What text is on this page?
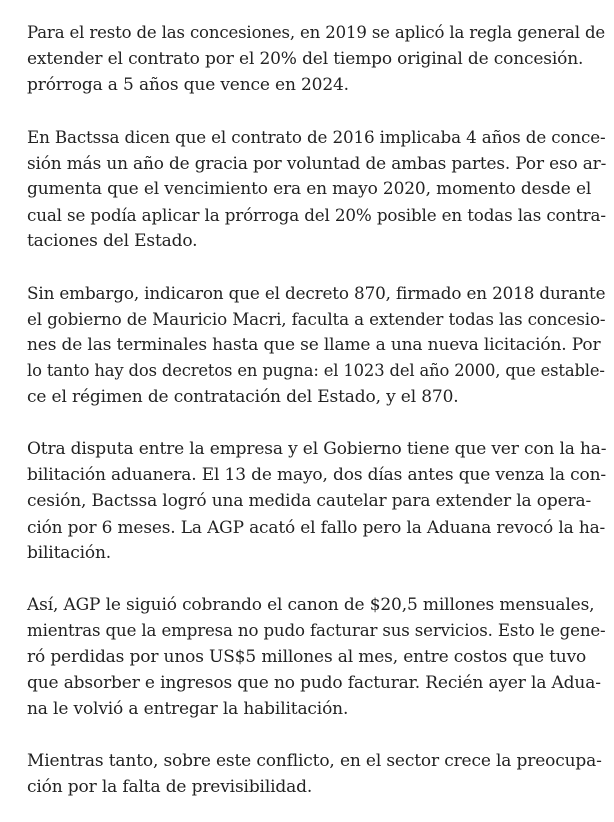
Para el resto de las concesiones, en 2019 se aplicó la regla general de
extender el contrato por el 20% del tiempo original de concesión.
prórroga a 5 años que vence en 2024.

En Bactssa dicen que el contrato de 2016 implicaba 4 años de conce-
sión más un año de gracia por voluntad de ambas partes. Por eso ar-
gumenta que el vencimiento era en mayo 2020, momento desde el
cual se podía aplicar la prórroga del 20% posible en todas las contra-
taciones del Estado.

Sin embargo, indicaron que el decreto 870, firmado en 2018 durante
el gobierno de Mauricio Macri, faculta a extender todas las concesio-
nes de las terminales hasta que se llame a una nueva licitación. Por
lo tanto hay dos decretos en pugna: el 1023 del año 2000, que estable-
ce el régimen de contratación del Estado, y el 870.

Otra disputa entre la empresa y el Gobierno tiene que ver con la ha-
bilitación aduanera. El 13 de mayo, dos días antes que venza la con-
cesión, Bactssa logró una medida cautelar para extender la opera-
ción por 6 meses. La AGP acató el fallo pero la Aduana revocó la ha-
bilitación.

Así, AGP le siguió cobrando el canon de $20,5 millones mensuales,
mientras que la empresa no pudo facturar sus servicios. Esto le gene-
ró perdidas por unos US$5 millones al mes, entre costos que tuvo
que absorber e ingresos que no pudo facturar. Recién ayer la Adua-
na le volvió a entregar la habilitación.

Mientras tanto, sobre este conflicto, en el sector crece la preocupa-
ción por la falta de previsibilidad.
